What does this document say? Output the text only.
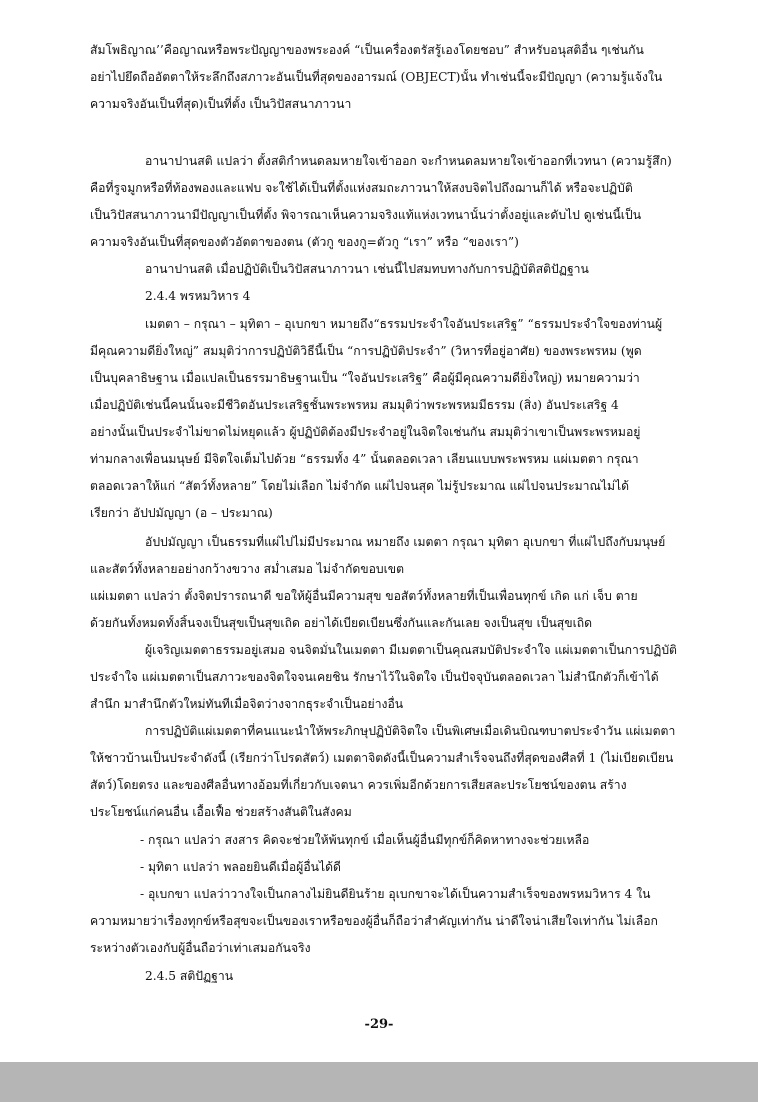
สัมโพธิญาณ’’คือญาณหรือพระปัญญาของพระองค์ “เป็นเครื่องตรัสรู้เองโดยชอบ” สำหรับอนุสติอื่น ๆเช่นกัน
อย่าไปยึดถืออัตตาให้ระลึกถึงสภาวะอันเป็นที่สุดของอารมณ์ (OBJECT)นั้น ทำเช่นนี้จะมีปัญญา (ความรู้แจ้งใน
ความจริงอันเป็นที่สุด)เป็นที่ตั้ง เป็นวิปัสสนาภาวนา
อานาปานสติ แปลว่า ตั้งสติกำหนดลมหายใจเข้าออก จะกำหนดลมหายใจเข้าออกที่เวทนา (ความรู้สึก)
คือที่รูจมูกหรือที่ท้องพองและแฟบ จะใช้ได้เป็นที่ตั้งแห่งสมถะภาวนาให้สงบจิตไปถึงฌานก็ได้ หรือจะปฏิบัติ
เป็นวิปัสสนาภาวนามีปัญญาเป็นที่ตั้ง พิจารณาเห็นความจริงแท้แห่งเวทนานั้นว่าตั้งอยู่และดับไป ดูเช่นนี้เป็น
ความจริงอันเป็นที่สุดของตัวอัตตาของตน (ตัวกู ของกู=ตัวกู “เรา” หรือ “ของเรา”)
อานาปานสติ เมื่อปฏิบัติเป็นวิปัสสนาภาวนา เช่นนี้ไปสมทบทางกับการปฏิบัติสติปัฏฐาน
2.4.4 พรหมวิหาร 4
เมตตา – กรุณา – มุทิตา – อุเบกขา หมายถึง“ธรรมประจำใจอันประเสริฐ” “ธรรมประจำใจของท่านผู้
มีคุณความดียิ่งใหญ่” สมมุติว่าการปฏิบัติวิธีนี้เป็น “การปฏิบัติประจำ” (วิหารที่อยู่อาศัย) ของพระพรหม (พูด
เป็นบุคลาธิษฐาน เมื่อแปลเป็นธรรมาธิษฐานเป็น “ใจอันประเสริฐ” คือผู้มีคุณความดียิ่งใหญ่) หมายความว่า
เมื่อปฏิบัติเช่นนี้คนนั้นจะมีชีวิตอันประเสริฐชั้นพระพรหม สมมุติว่าพระพรหมมีธรรม (สิ่ง) อันประเสริฐ 4
อย่างนั้นเป็นประจำไม่ขาดไม่หยุดแล้ว ผู้ปฏิบัติต้องมีประจำอยู่ในจิตใจเช่นกัน สมมุติว่าเขาเป็นพระพรหมอยู่
ท่ามกลางเพื่อนมนุษย์ มีจิตใจเต็มไปด้วย “ธรรมทั้ง 4” นั้นตลอดเวลา เลียนแบบพระพรหม แผ่เมตตา กรุณา
ตลอดเวลาให้แก่ “สัตว์ทั้งหลาย” โดยไม่เลือก ไม่จำกัด แผ่ไปจนสุด ไม่รู้ประมาณ แผ่ไปจนประมาณไม่ได้
เรียกว่า อัปปมัญญา (อ – ประมาณ)
อัปปมัญญา เป็นธรรมที่แผ่ไปไม่มีประมาณ หมายถึง เมตตา กรุณา มุทิตา อุเบกขา ที่แผ่ไปถึงกับมนุษย์
และสัตว์ทั้งหลายอย่างกว้างขวาง สม่ำเสมอ ไม่จำกัดขอบเขต
แผ่เมตตา แปลว่า ตั้งจิตปรารถนาดี ขอให้ผู้อื่นมีความสุข ขอสัตว์ทั้งหลายที่เป็นเพื่อนทุกข์ เกิด แก่ เจ็บ ตาย
ด้วยกันทั้งหมดทั้งสิ้นจงเป็นสุขเป็นสุขเถิด อย่าได้เบียดเบียนซึ่งกันและกันเลย จงเป็นสุข เป็นสุขเถิด
ผู้เจริญเมตตาธรรมอยู่เสมอ จนจิตมั่นในเมตตา มีเมตตาเป็นคุณสมบัติประจำใจ แผ่เมตตาเป็นการปฏิบัติ
ประจำใจ แผ่เมตตาเป็นสภาวะของจิตใจจนเคยชิน รักษาไว้ในจิตใจ เป็นปัจจุบันตลอดเวลา ไม่สำนึกตัวก็เข้าได้
สำนึก มาสำนึกตัวใหม่ทันทีเมื่อจิตว่างจากธุระจำเป็นอย่างอื่น
การปฏิบัติแผ่เมตตาที่คนแนะนำให้พระภิกษุปฏิบัติจิตใจ เป็นพิเศษเมื่อเดินบิณฑบาตประจำวัน แผ่เมตตา
ให้ชาวบ้านเป็นประจำดังนี้ (เรียกว่าโปรดสัตว์) เมตตาจิตดังนี้เป็นความสำเร็จจนถึงที่สุดของศีลที่ 1 (ไม่เบียดเบียน
สัตว์)โดยตรง และของศีลอื่นทางอ้อมที่เกี่ยวกับเจตนา ควรเพิ่มอีกด้วยการเสียสละประโยชน์ของตน สร้าง
ประโยชน์แก่คนอื่น เอื้อเฟื้อ ช่วยสร้างสันติในสังคม
- กรุณา แปลว่า สงสาร คิดจะช่วยให้พ้นทุกข์ เมื่อเห็นผู้อื่นมีทุกข์ก็คิดหาทางจะช่วยเหลือ
- มุทิตา แปลว่า พลอยยินดีเมื่อผู้อื่นได้ดี
- อุเบกขา แปลว่าวางใจเป็นกลางไม่ยินดียินร้าย อุเบกขาจะได้เป็นความสำเร็จของพรหมวิหาร 4 ใน
ความหมายว่าเรื่องทุกข์หรือสุขจะเป็นของเราหรือของผู้อื่นก็ถือว่าสำคัญเท่ากัน น่าดีใจน่าเสียใจเท่ากัน ไม่เลือก
ระหว่างตัวเองกับผู้อื่นถือว่าเท่าเสมอกันจริง
2.4.5 สติปัฏฐาน
-29-
